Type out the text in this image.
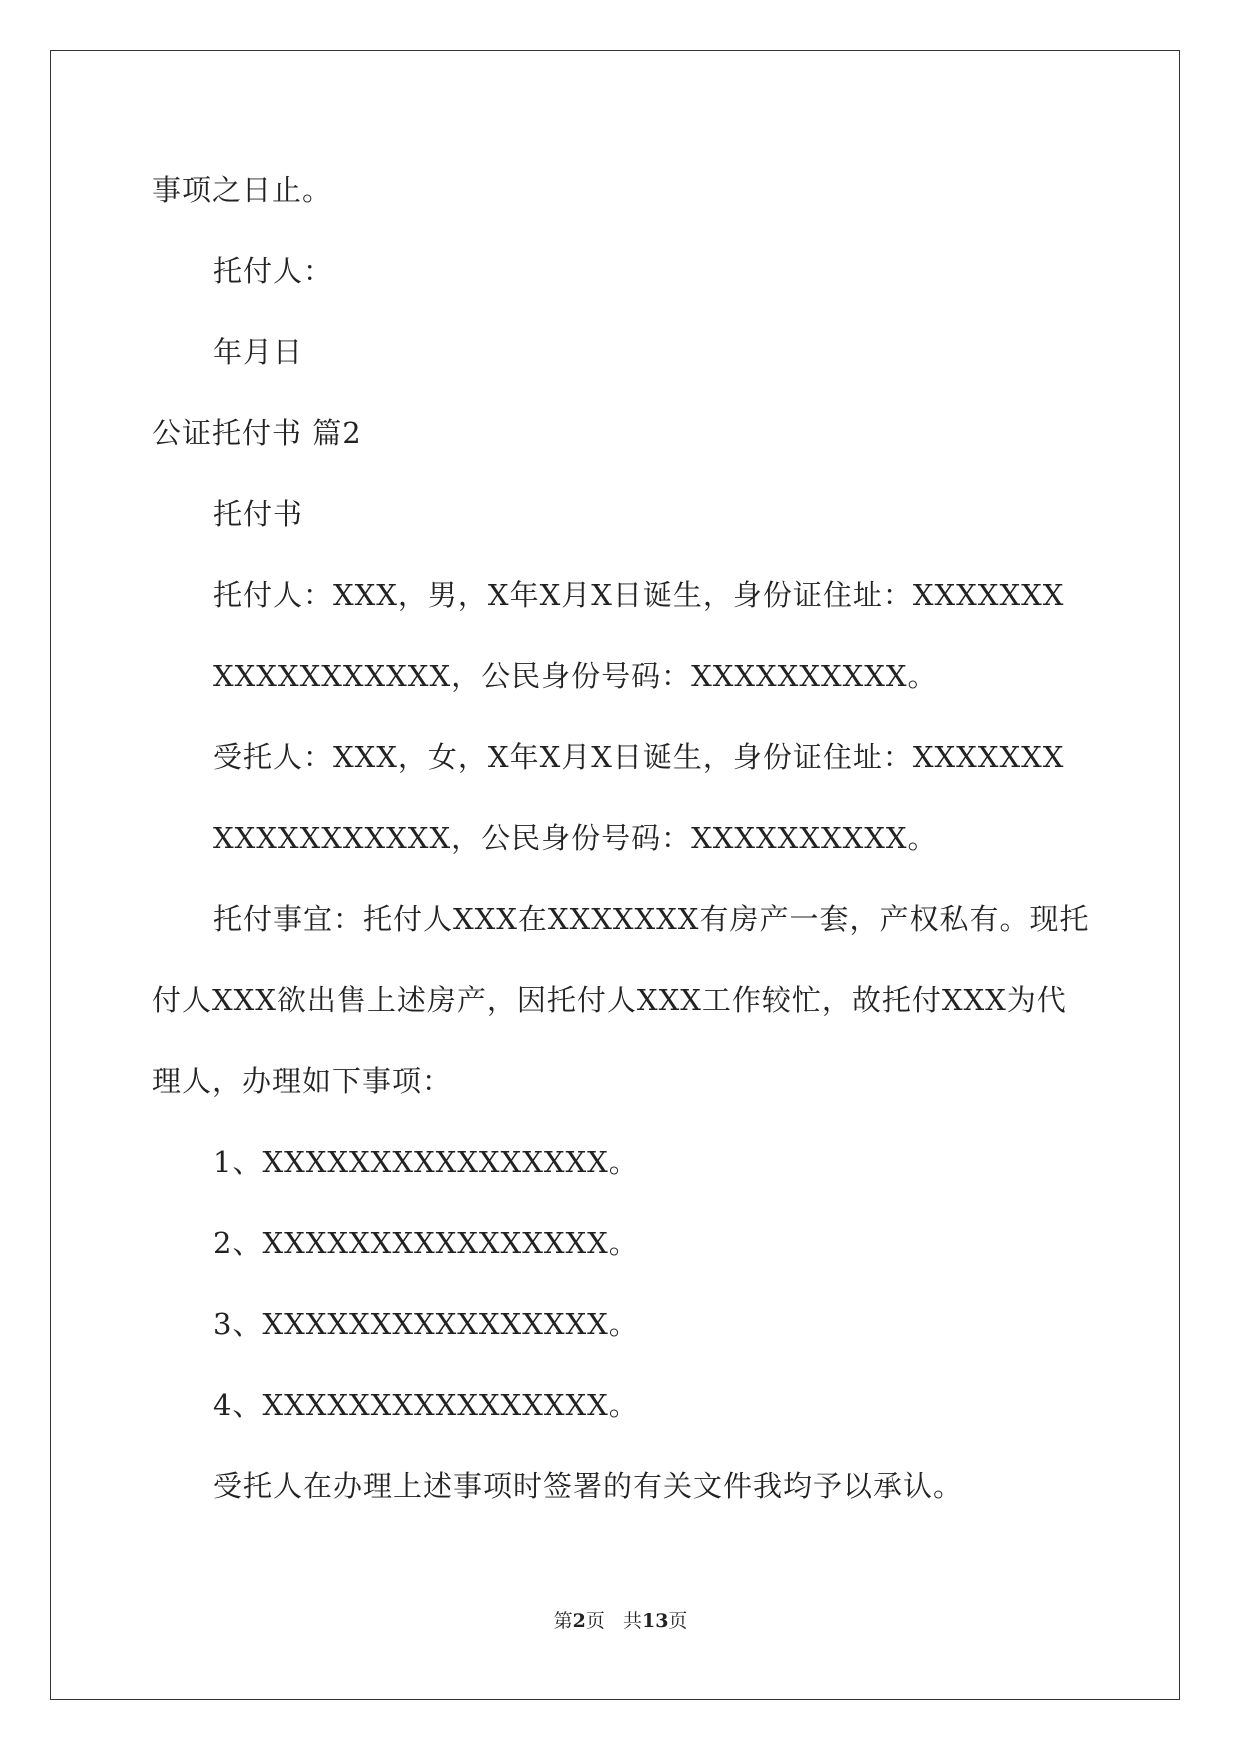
事项之日止。
托付人：
年月日
公证托付书 篇2
托付书
托付人：XXX，男，X年X月X日诞生，身份证住址：XXXXXXX
XXXXXXXXXXX，公民身份号码：XXXXXXXXXX。
受托人：XXX，女，X年X月X日诞生，身份证住址：XXXXXXX
XXXXXXXXXXX，公民身份号码：XXXXXXXXXX。
托付事宜：托付人XXX在XXXXXXX有房产一套，产权私有。现托
付人XXX欲出售上述房产，因托付人XXX工作较忙，故托付XXX为代
理人，办理如下事项：
1、XXXXXXXXXXXXXXXX。
2、XXXXXXXXXXXXXXXX。
3、XXXXXXXXXXXXXXXX。
4、XXXXXXXXXXXXXXXX。
受托人在办理上述事项时签署的有关文件我均予以承认。
第2页 共13页
